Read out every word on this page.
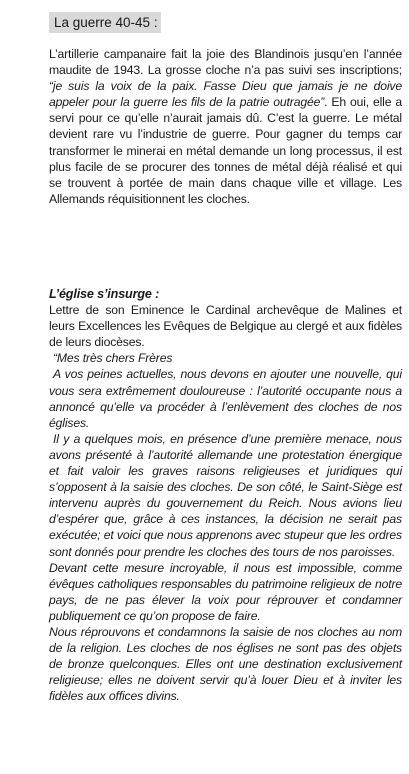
La guerre 40-45 :

L’artillerie campanaire fait la joie des Blandinois jusqu’en l’année maudite de 1943. La grosse cloche n’a pas suivi ses inscriptions; “je suis la voix de la paix. Fasse Dieu que jamais je ne doive appeler pour la guerre les fils de la patrie outragée”. Eh oui, elle a servi pour ce qu’elle n’aurait jamais dû. C’est la guerre. Le métal devient rare vu l’industrie de guerre. Pour gagner du temps car transformer le minerai en métal demande un long processus, il est plus facile de se procurer des tonnes de métal déjà réalisé et qui se trouvent à portée de main dans chaque ville et village. Les Allemands réquisitionnent les cloches.

L’église s’insurge :

Lettre de son Eminence le Cardinal archevêque de Malines et leurs Excellences les Evêques de Belgique au clergé et aux fidèles de leurs diocèses.

“Mes très chers Frères

A vos peines actuelles, nous devons en ajouter une nouvelle, qui vous sera extrêmement douloureuse : l’autorité occupante nous a annoncé qu’elle va procéder à l’enlèvement des cloches de nos églises.

Il y a quelques mois, en présence d’une première menace, nous avons présenté à l’autorité allemande une protestation énergique et fait valoir les graves raisons religieuses et juridiques qui s’opposent à la saisie des cloches. De son côté, le Saint-Siège est intervenu auprès du gouvernement du Reich. Nous avions lieu d’espérer que, grâce à ces instances, la décision ne serait pas exécutée; et voici que nous apprenons avec stupeur que les ordres sont donnés pour prendre les cloches des tours de nos paroisses.

Devant cette mesure incroyable, il nous est impossible, comme évêques catholiques responsables du patrimoine religieux de notre pays, de ne pas élever la voix pour réprouver et condamner publiquement ce qu’on propose de faire.

Nous réprouvons et condamnons la saisie de nos cloches au nom de la religion. Les cloches de nos églises ne sont pas des objets de bronze quelconques. Elles ont une destination exclusivement religieuse; elles ne doivent servir qu’à louer Dieu et à inviter les fidèles aux offices divins.
